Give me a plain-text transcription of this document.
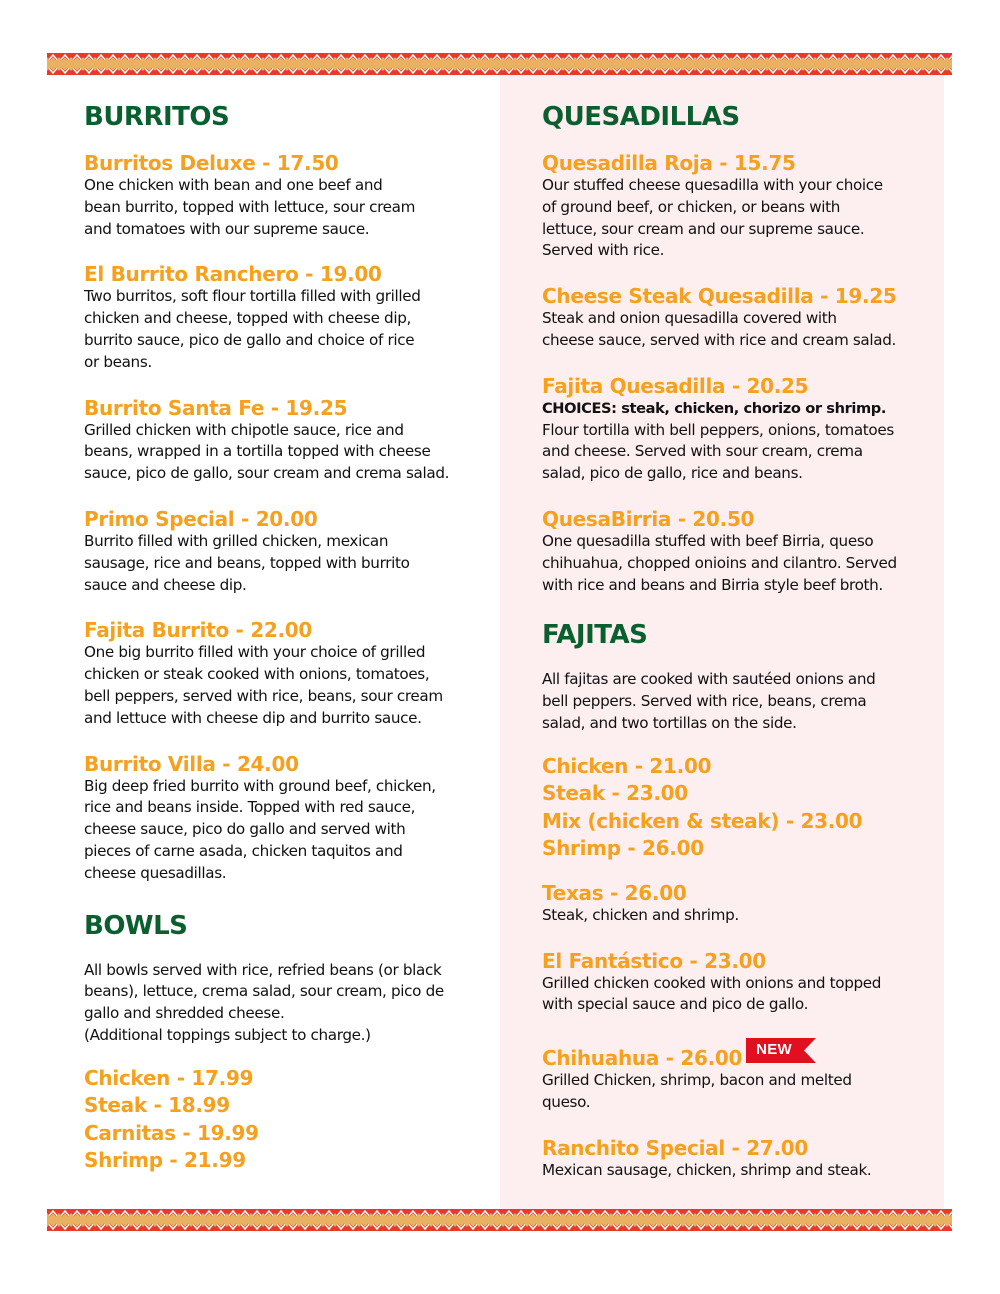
BURRITOS
Burritos Deluxe - 17.50
One chicken with bean and one beef and
bean burrito, topped with lettuce, sour cream
and tomatoes with our supreme sauce.
El Burrito Ranchero - 19.00
Two burritos, soft flour tortilla filled with grilled
chicken and cheese, topped with cheese dip,
burrito sauce, pico de gallo and choice of rice
or beans.
Burrito Santa Fe - 19.25
Grilled chicken with chipotle sauce, rice and
beans, wrapped in a tortilla topped with cheese
sauce, pico de gallo, sour cream and crema salad.
Primo Special - 20.00
Burrito filled with grilled chicken, mexican
sausage, rice and beans, topped with burrito
sauce and cheese dip.
Fajita Burrito - 22.00
One big burrito filled with your choice of grilled
chicken or steak cooked with onions, tomatoes,
bell peppers, served with rice, beans, sour cream
and lettuce with cheese dip and burrito sauce.
Burrito Villa - 24.00
Big deep fried burrito with ground beef, chicken,
rice and beans inside. Topped with red sauce,
cheese sauce, pico do gallo and served with
pieces of carne asada, chicken taquitos and
cheese quesadillas.
BOWLS
All bowls served with rice, refried beans (or black
beans), lettuce, crema salad, sour cream, pico de
gallo and shredded cheese.
(Additional toppings subject to charge.)
Chicken - 17.99
Steak - 18.99
Carnitas - 19.99
Shrimp - 21.99
QUESADILLAS
Quesadilla Roja - 15.75
Our stuffed cheese quesadilla with your choice
of ground beef, or chicken, or beans with
lettuce, sour cream and our supreme sauce.
Served with rice.
Cheese Steak Quesadilla - 19.25
Steak and onion quesadilla covered with
cheese sauce, served with rice and cream salad.
Fajita Quesadilla - 20.25
CHOICES: steak, chicken, chorizo or shrimp.
Flour tortilla with bell peppers, onions, tomatoes
and cheese. Served with sour cream, crema
salad, pico de gallo, rice and beans.
QuesaBirria - 20.50
One quesadilla stuffed with beef Birria, queso
chihuahua, chopped onioins and cilantro. Served
with rice and beans and Birria style beef broth.
FAJITAS
All fajitas are cooked with sautéed onions and
bell peppers. Served with rice, beans, crema
salad, and two tortillas on the side.
Chicken - 21.00
Steak - 23.00
Mix (chicken & steak) - 23.00
Shrimp - 26.00
Texas - 26.00
Steak, chicken and shrimp.
El Fantástico - 23.00
Grilled chicken cooked with onions and topped
with special sauce and pico de gallo.
Chihuahua - 26.00 NEW
Grilled Chicken, shrimp, bacon and melted
queso.
Ranchito Special - 27.00
Mexican sausage, chicken, shrimp and steak.
